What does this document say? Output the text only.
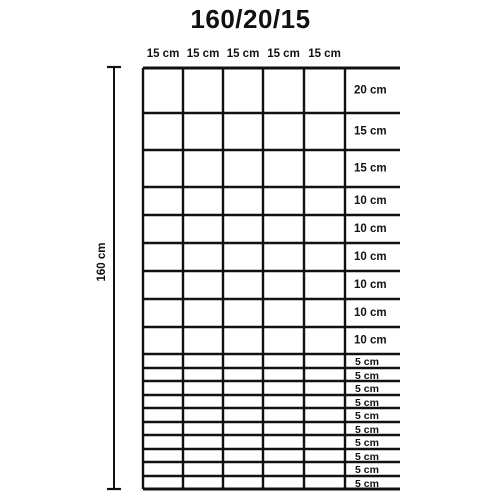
160/20/15
160 cm
15 cm 15 cm 15 cm 15 cm 15 cm
20 cm
15 cm
15 cm
10 cm
10 cm
10 cm
10 cm
10 cm
10 cm
5 cm
5 cm
5 cm
5 cm
5 cm
5 cm
5 cm
5 cm
5 cm
5 cm
